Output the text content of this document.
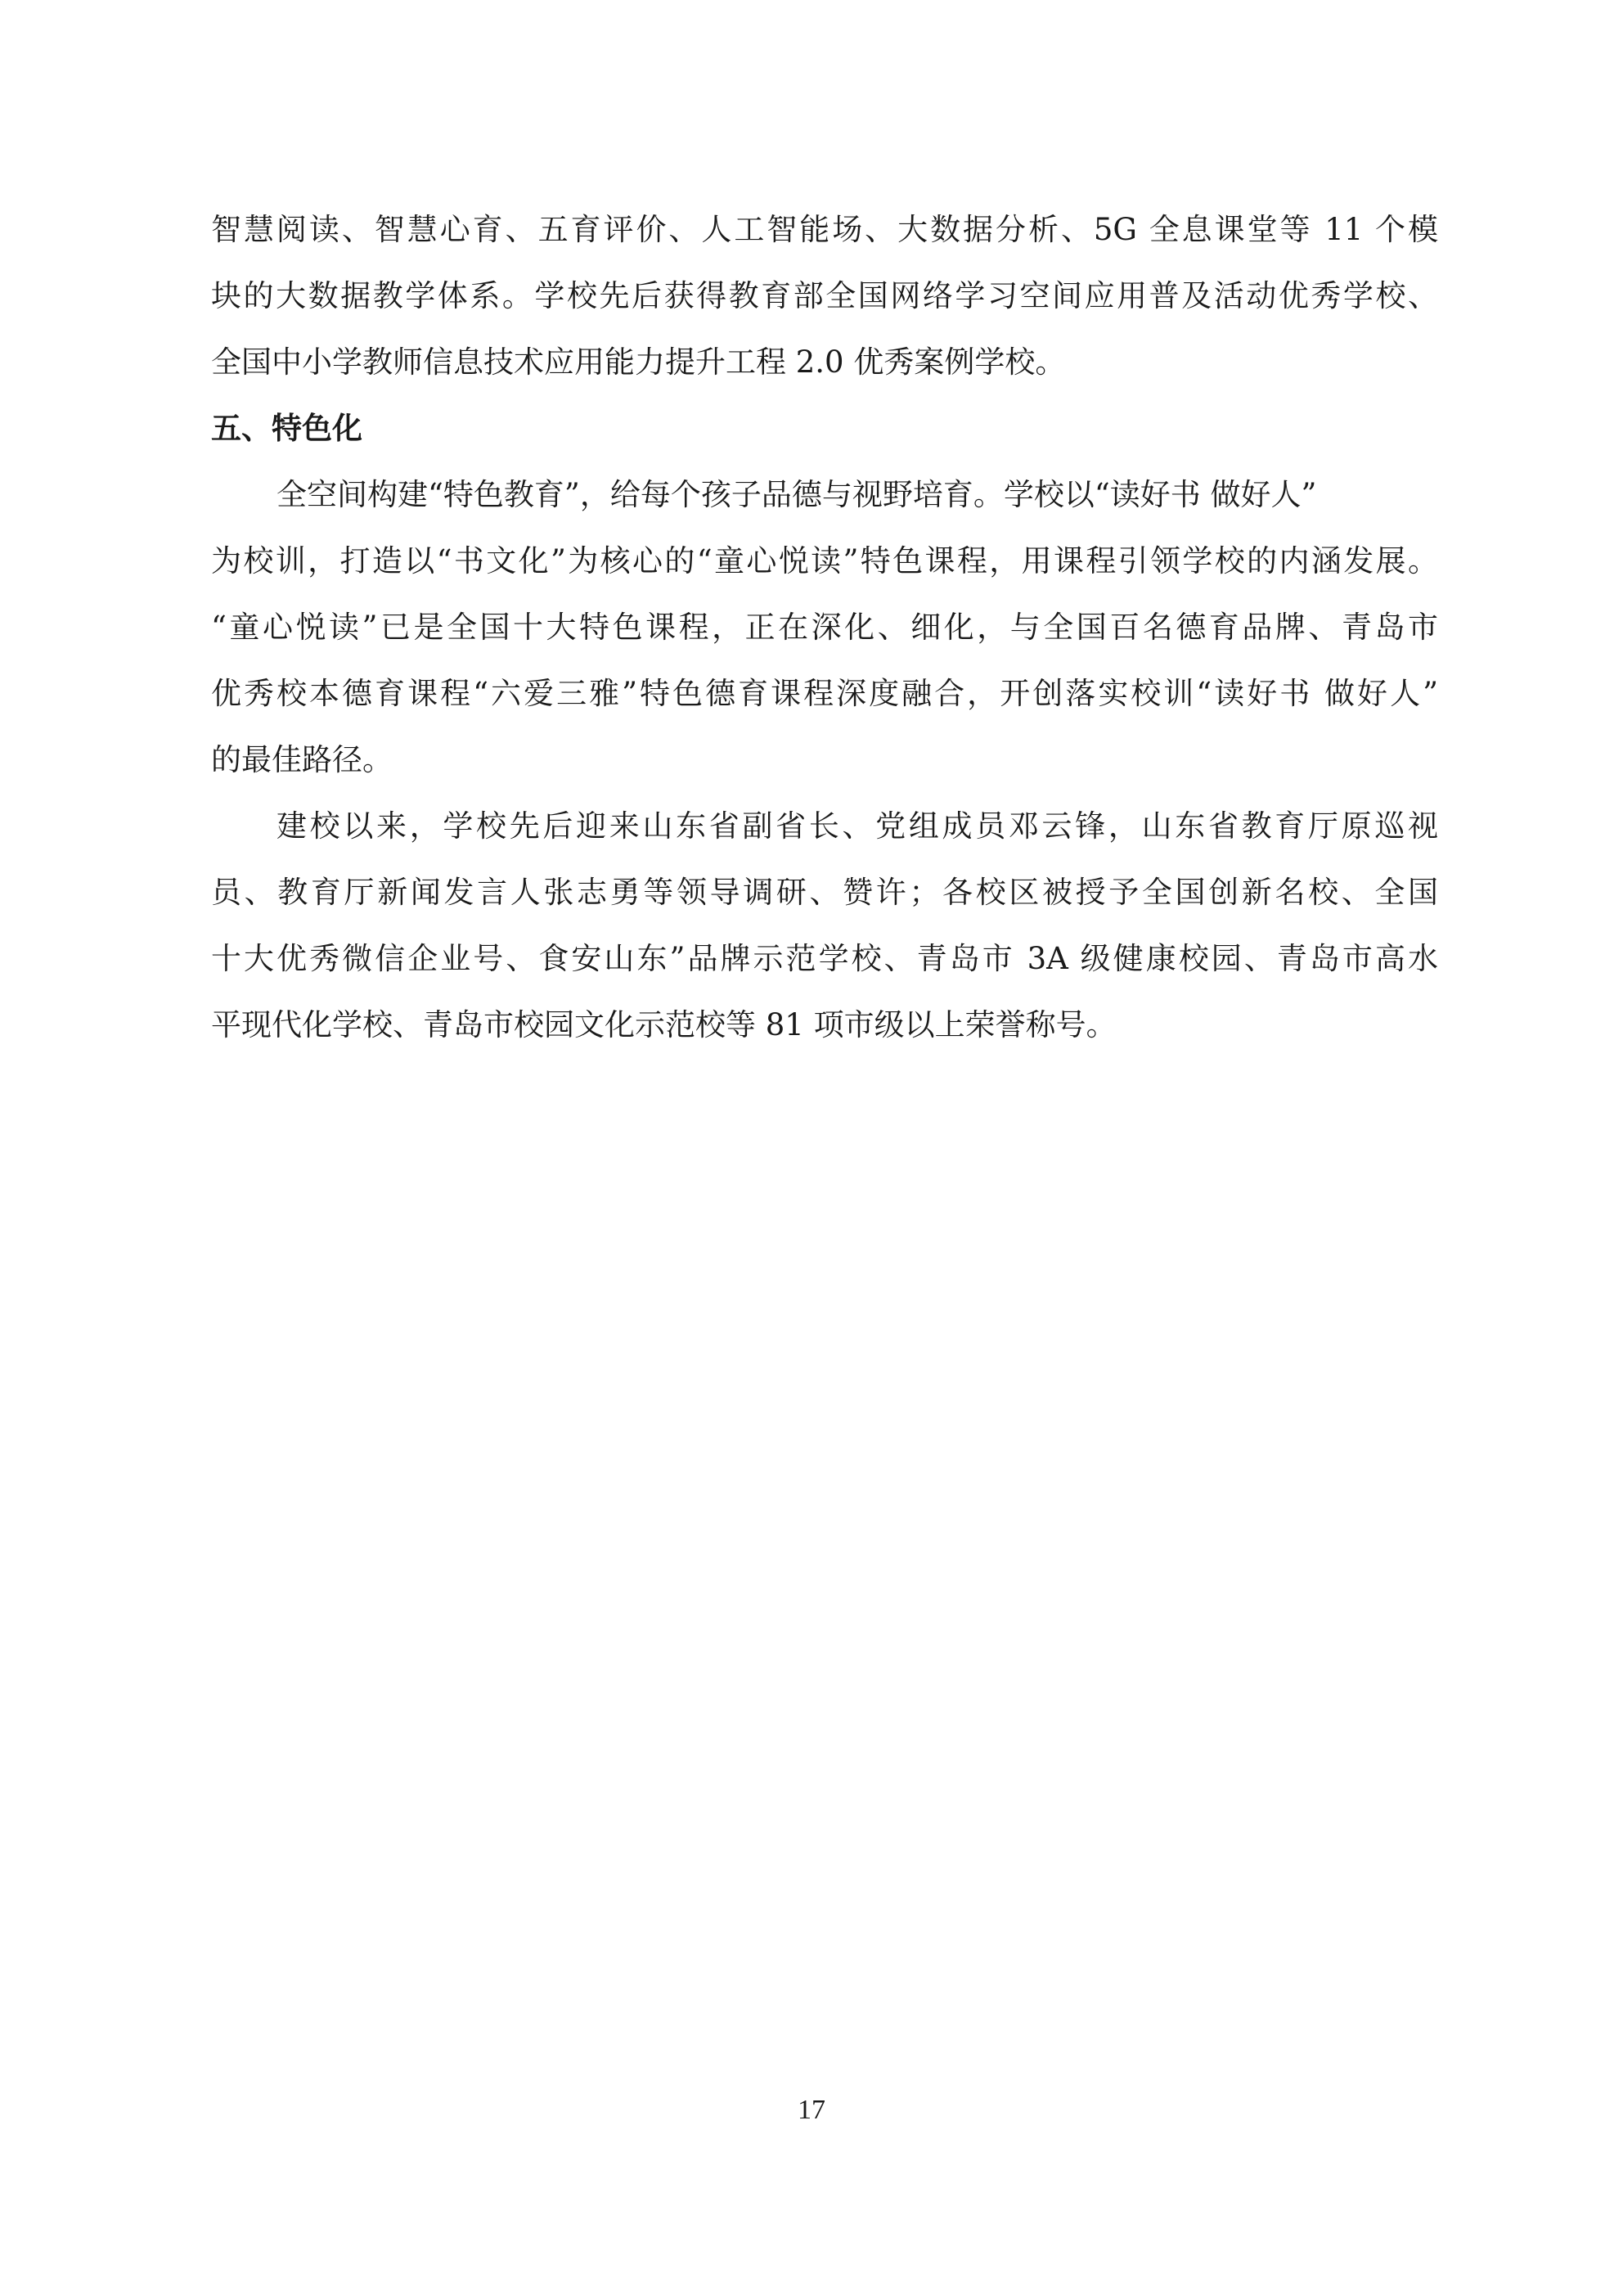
智慧阅读、智慧心育、五育评价、人工智能场、大数据分析、5G 全息课堂等 11 个模
块的大数据教学体系。学校先后获得教育部全国网络学习空间应用普及活动优秀学校、
全国中小学教师信息技术应用能力提升工程 2.0 优秀案例学校。
五、特色化
全空间构建“特色教育”，给每个孩子品德与视野培育。学校以“读好书 做好人”
为校训，打造以“书文化”为核心的“童心悦读”特色课程，用课程引领学校的内涵发展。
“童心悦读”已是全国十大特色课程，正在深化、细化，与全国百名德育品牌、青岛市
优秀校本德育课程“六爱三雅”特色德育课程深度融合，开创落实校训“读好书 做好人”
的最佳路径。
建校以来，学校先后迎来山东省副省长、党组成员邓云锋，山东省教育厅原巡视
员、教育厅新闻发言人张志勇等领导调研、赞许；各校区被授予全国创新名校、全国
十大优秀微信企业号、食安山东”品牌示范学校、青岛市 3A 级健康校园、青岛市高水
平现代化学校、青岛市校园文化示范校等 81 项市级以上荣誉称号。
17
